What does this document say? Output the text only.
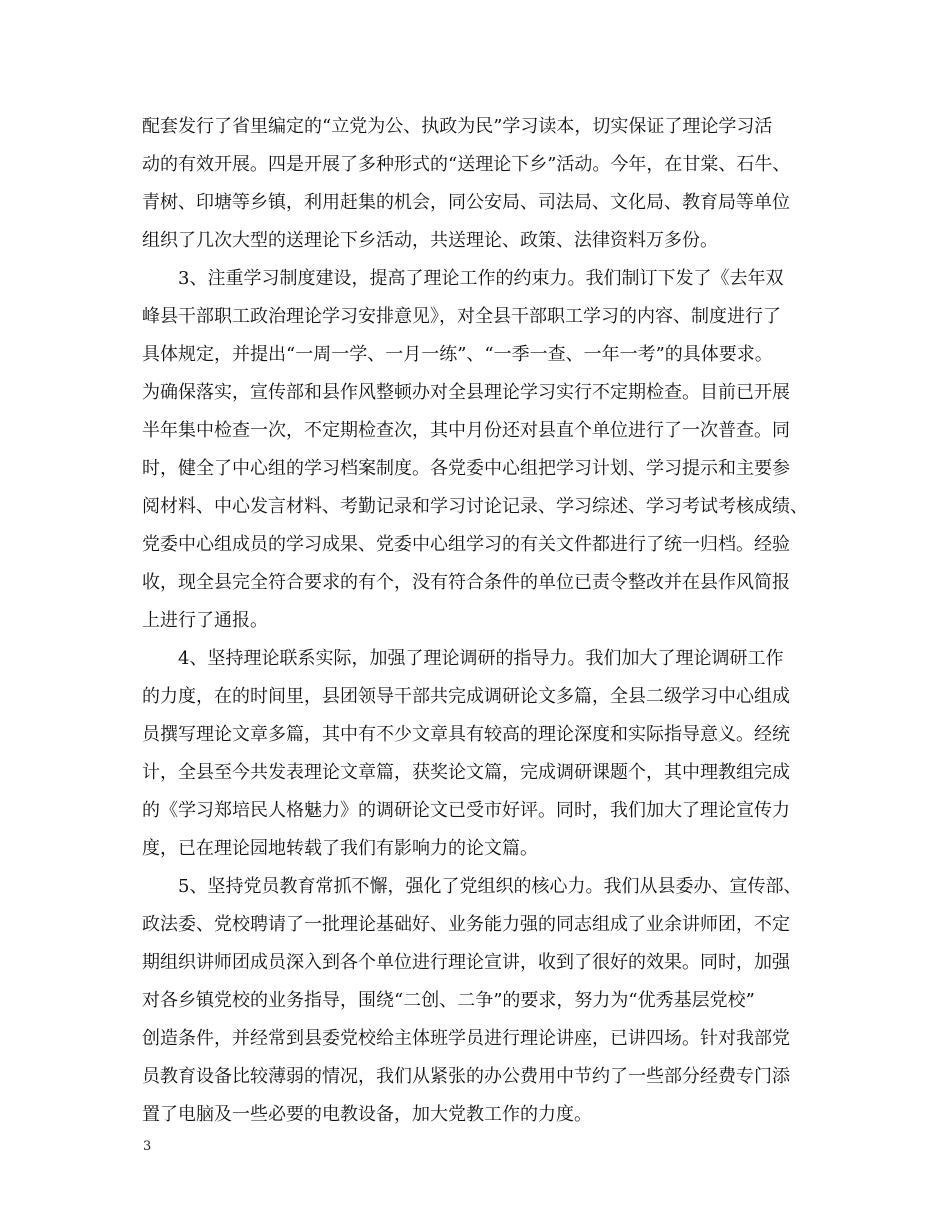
配套发行了省里编定的“立党为公、执政为民”学习读本，切实保证了理论学习活

动的有效开展。四是开展了多种形式的“送理论下乡”活动。今年，在甘棠、石牛、

青树、印塘等乡镇，利用赶集的机会，同公安局、司法局、文化局、教育局等单位

组织了几次大型的送理论下乡活动，共送理论、政策、法律资料万多份。

3、注重学习制度建设，提高了理论工作的约束力。我们制订下发了《去年双

峰县干部职工政治理论学习安排意见》，对全县干部职工学习的内容、制度进行了

具体规定，并提出“一周一学、一月一练”、“一季一查、一年一考”的具体要求。

为确保落实，宣传部和县作风整顿办对全县理论学习实行不定期检查。目前已开展

半年集中检查一次，不定期检查次，其中月份还对县直个单位进行了一次普查。同

时，健全了中心组的学习档案制度。各党委中心组把学习计划、学习提示和主要参

阅材料、中心发言材料、考勤记录和学习讨论记录、学习综述、学习考试考核成绩、

党委中心组成员的学习成果、党委中心组学习的有关文件都进行了统一归档。经验

收，现全县完全符合要求的有个，没有符合条件的单位已责令整改并在县作风简报

上进行了通报。

4、坚持理论联系实际，加强了理论调研的指导力。我们加大了理论调研工作

的力度，在的时间里，县团领导干部共完成调研论文多篇，全县二级学习中心组成

员撰写理论文章多篇，其中有不少文章具有较高的理论深度和实际指导意义。经统

计，全县至今共发表理论文章篇，获奖论文篇，完成调研课题个，其中理教组完成

的《学习郑培民人格魅力》的调研论文已受市好评。同时，我们加大了理论宣传力

度，已在理论园地转载了我们有影响力的论文篇。

5、坚持党员教育常抓不懈，强化了党组织的核心力。我们从县委办、宣传部、

政法委、党校聘请了一批理论基础好、业务能力强的同志组成了业余讲师团，不定

期组织讲师团成员深入到各个单位进行理论宣讲，收到了很好的效果。同时，加强

对各乡镇党校的业务指导，围绕“二创、二争”的要求，努力为“优秀基层党校”

创造条件，并经常到县委党校给主体班学员进行理论讲座，已讲四场。针对我部党

员教育设备比较薄弱的情况，我们从紧张的办公费用中节约了一些部分经费专门添

置了电脑及一些必要的电教设备，加大党教工作的力度。

3
